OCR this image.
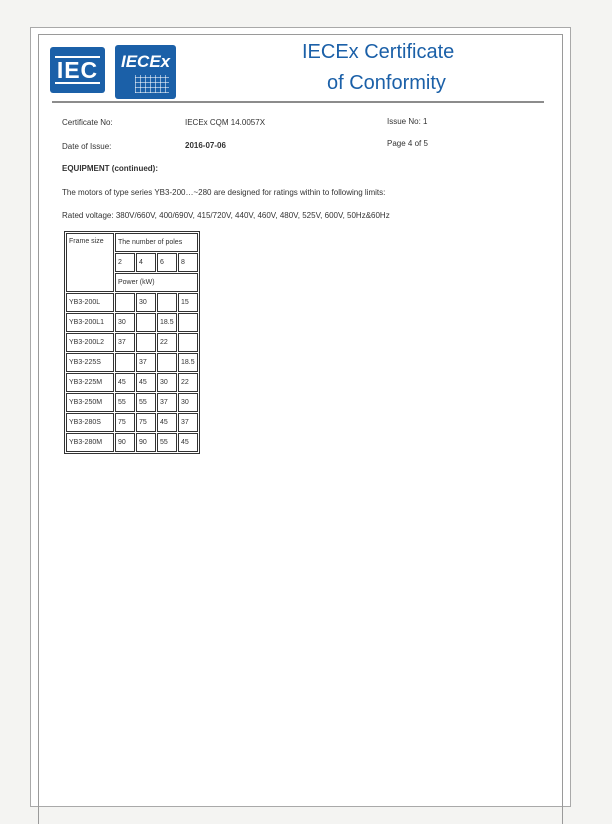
IEC IECEx	IECEx Certificate
of Conformity
Certificate No:	IECEx CQM 14.0057X	Issue No: 1
Date of Issue:	2016-07-06	Page 4 of 5
EQUIPMENT (continued):
The motors of type series YB3-200…~280 are designed for ratings within to following limits:
Rated voltage: 380V/660V, 400/690V, 415/720V, 440V, 460V, 480V, 525V, 600V, 50Hz&60Hz
Frame size	The number of poles			
	2	4	6	8
	Power (kW)			
YB3-200L		30		15
YB3-200L1	30		18.5	
YB3-200L2	37		22	
YB3-225S		37		18.5
YB3-225M	45	45	30	22
YB3-250M	55	55	37	30
YB3-280S	75	75	45	37
YB3-280M	90	90	55	45
